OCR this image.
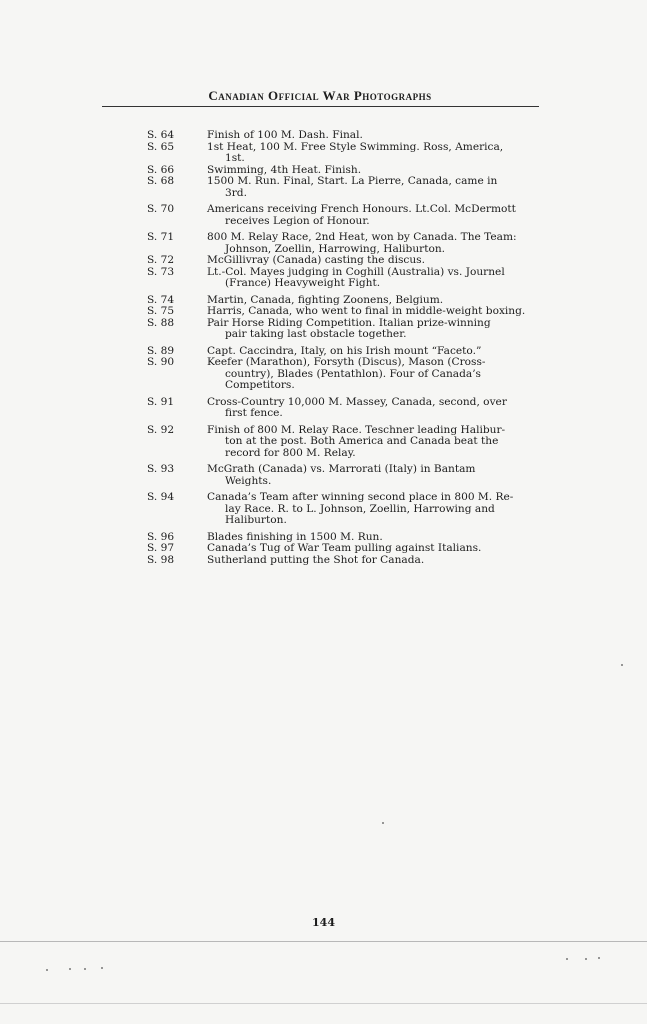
Canadian Official War Photographs
S. 64	Finish of 100 M. Dash. Final.
S. 65	1st Heat, 100 M. Free Style Swimming. Ross, America,
1st.
S. 66	Swimming, 4th Heat. Finish.
S. 68	1500 M. Run. Final, Start. La Pierre, Canada, came in
3rd.
S. 70	Americans receiving French Honours. Lt.Col. McDermott
receives Legion of Honour.
S. 71	800 M. Relay Race, 2nd Heat, won by Canada. The Team:
Johnson, Zoellin, Harrowing, Haliburton.
S. 72	McGillivray (Canada) casting the discus.
S. 73	Lt.-Col. Mayes judging in Coghill (Australia) vs. Journel
(France) Heavyweight Fight.
S. 74	Martin, Canada, fighting Zoonens, Belgium.
S. 75	Harris, Canada, who went to final in middle-weight boxing.
S. 88	Pair Horse Riding Competition. Italian prize-winning
pair taking last obstacle together.
S. 89	Capt. Caccindra, Italy, on his Irish mount “Faceto.”
S. 90	Keefer (Marathon), Forsyth (Discus), Mason (Cross-
country), Blades (Pentathlon). Four of Canada’s
Competitors.
S. 91	Cross-Country 10,000 M. Massey, Canada, second, over
first fence.
S. 92	Finish of 800 M. Relay Race. Teschner leading Halibur-
ton at the post. Both America and Canada beat the
record for 800 M. Relay.
S. 93	McGrath (Canada) vs. Marrorati (Italy) in Bantam
Weights.
S. 94	Canada’s Team after winning second place in 800 M. Re-
lay Race. R. to L. Johnson, Zoellin, Harrowing and
Haliburton.
S. 96	Blades finishing in 1500 M. Run.
S. 97	Canada’s Tug of War Team pulling against Italians.
S. 98	Sutherland putting the Shot for Canada.
144
